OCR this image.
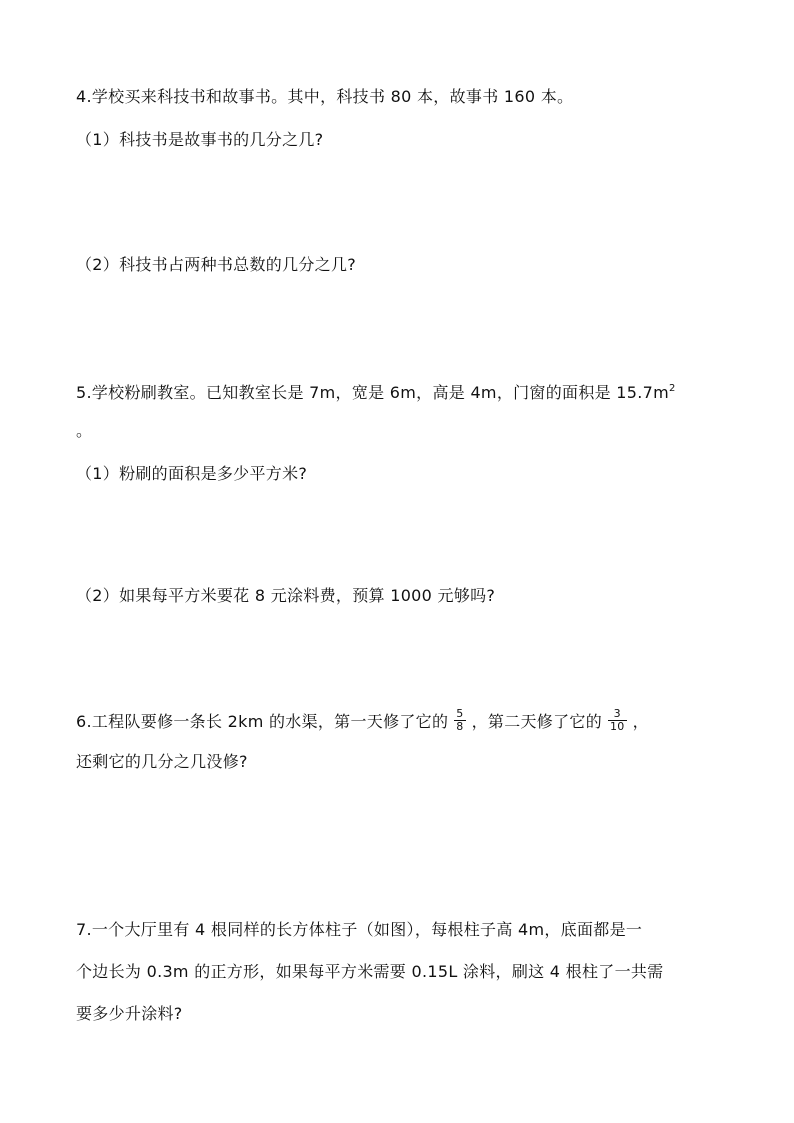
4.学校买来科技书和故事书。其中，科技书 80 本，故事书 160 本。
（1）科技书是故事书的几分之几?
（2）科技书占两种书总数的几分之几?
5.学校粉刷教室。已知教室长是 7m，宽是 6m，高是 4m，门窗的面积是 $15.7m^2$
。
（1）粉刷的面积是多少平方米?
（2）如果每平方米要花 8 元涂料费，预算 1000 元够吗?
6.工程队要修一条长 2km 的水渠，第一天修了它的 $\frac{5}{8}$ ，第二天修了它的 $\frac{3}{10}$ ，
还剩它的几分之几没修?
7.一个大厅里有 4 根同样的长方体柱子（如图），每根柱子高 4m，底面都是一
个边长为 0.3m 的正方形，如果每平方米需要 0.15L 涂料，刷这 4 根柱了一共需
要多少升涂料?
